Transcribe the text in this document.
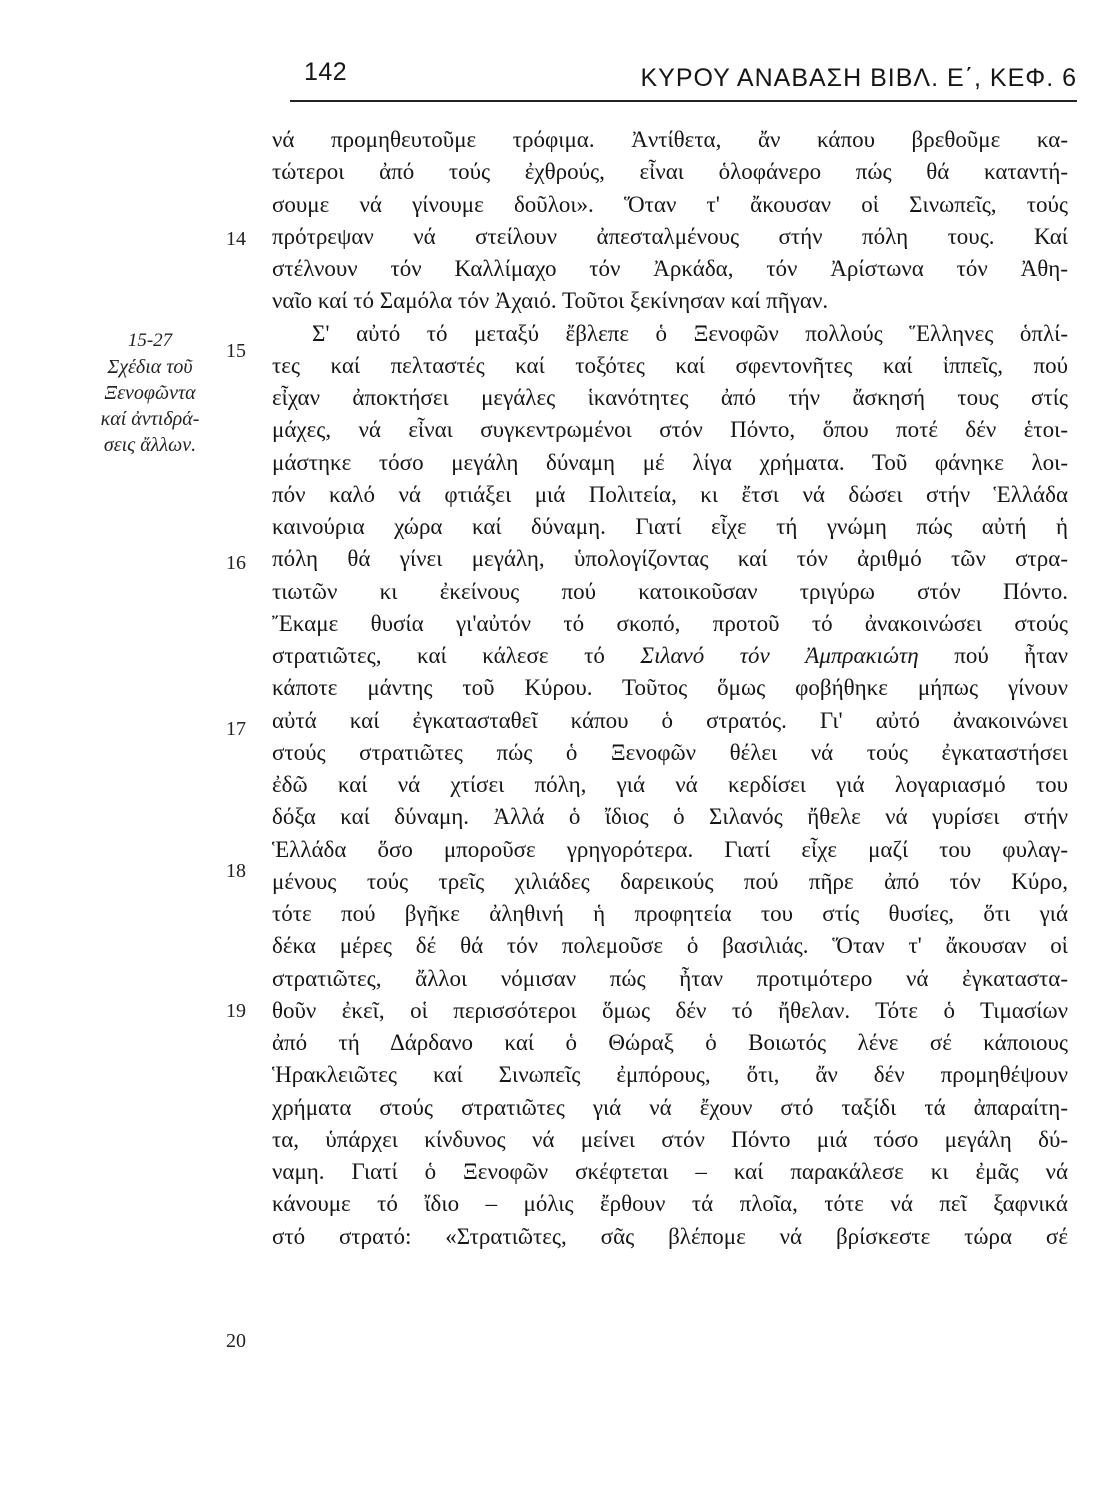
142	ΚΥΡΟΥ ΑΝΑΒΑΣΗ ΒΙΒΛ. Ε΄, ΚΕΦ. 6
15-27
Σχέδια τοῦ
Ξενοφῶντα
καί ἀντιδρά-
σεις ἄλλων.
14
15
16
17
18
19
20
νά προμηθευτοῦμε τρόφιμα. Ἀντίθετα, ἄν κάπου βρεθοῦμε κα-
τώτεροι ἀπό τούς ἐχθρούς, εἶναι ὁλοφάνερο πώς θά καταντή-
σουμε νά γίνουμε δοῦλοι». Ὅταν τ' ἄκουσαν οἱ Σινωπεῖς, τούς
πρότρεψαν νά στείλουν ἀπεσταλμένους στήν πόλη τους. Καί
στέλνουν τόν Καλλίμαχο τόν Ἀρκάδα, τόν Ἀρίστωνα τόν Ἀθη-
ναῖο καί τό Σαμόλα τόν Ἀχαιό. Τοῦτοι ξεκίνησαν καί πῆγαν.
Σ' αὐτό τό μεταξύ ἔβλεπε ὁ Ξενοφῶν πολλούς Ἕλληνες ὁπλί-
τες καί πελταστές καί τοξότες καί σφεντονῆτες καί ἱππεῖς, πού
εἶχαν ἀποκτήσει μεγάλες ἱκανότητες ἀπό τήν ἄσκησή τους στίς
μάχες, νά εἶναι συγκεντρωμένοι στόν Πόντο, ὅπου ποτέ δέν ἑτοι-
μάστηκε τόσο μεγάλη δύναμη μέ λίγα χρήματα. Τοῦ φάνηκε λοι-
πόν καλό νά φτιάξει μιά Πολιτεία, κι ἔτσι νά δώσει στήν Ἑλλάδα
καινούρια χώρα καί δύναμη. Γιατί εἶχε τή γνώμη πώς αὐτή ἡ
πόλη θά γίνει μεγάλη, ὑπολογίζοντας καί τόν ἀριθμό τῶν στρα-
τιωτῶν κι ἐκείνους πού κατοικοῦσαν τριγύρω στόν Πόντο.
Ἔκαμε θυσία γι'αὐτόν τό σκοπό, προτοῦ τό ἀνακοινώσει στούς
στρατιῶτες, καί κάλεσε τό Σιλανό τόν Ἀμπρακιώτη πού ἦταν
κάποτε μάντης τοῦ Κύρου. Τοῦτος ὅμως φοβήθηκε μήπως γίνουν
αὐτά καί ἐγκατασταθεῖ κάπου ὁ στρατός. Γι' αὐτό ἀνακοινώνει
στούς στρατιῶτες πώς ὁ Ξενοφῶν θέλει νά τούς ἐγκαταστήσει
ἐδῶ καί νά χτίσει πόλη, γιά νά κερδίσει γιά λογαριασμό του
δόξα καί δύναμη. Ἀλλά ὁ ἴδιος ὁ Σιλανός ἤθελε νά γυρίσει στήν
Ἑλλάδα ὅσο μποροῦσε γρηγορότερα. Γιατί εἶχε μαζί του φυλαγ-
μένους τούς τρεῖς χιλιάδες δαρεικούς πού πῆρε ἀπό τόν Κύρο,
τότε πού βγῆκε ἀληθινή ἡ προφητεία του στίς θυσίες, ὅτι γιά
δέκα μέρες δέ θά τόν πολεμοῦσε ὁ βασιλιάς. Ὅταν τ' ἄκουσαν οἱ
στρατιῶτες, ἄλλοι νόμισαν πώς ἦταν προτιμότερο νά ἐγκαταστα-
θοῦν ἐκεῖ, οἱ περισσότεροι ὅμως δέν τό ἤθελαν. Τότε ὁ Τιμασίων
ἀπό τή Δάρδανο καί ὁ Θώραξ ὁ Βοιωτός λένε σέ κάποιους
Ἡρακλειῶτες καί Σινωπεῖς ἐμπόρους, ὅτι, ἄν δέν προμηθέψουν
χρήματα στούς στρατιῶτες γιά νά ἔχουν στό ταξίδι τά ἀπαραίτη-
τα, ὑπάρχει κίνδυνος νά μείνει στόν Πόντο μιά τόσο μεγάλη δύ-
ναμη. Γιατί ὁ Ξενοφῶν σκέφτεται – καί παρακάλεσε κι ἐμᾶς νά
κάνουμε τό ἴδιο – μόλις ἔρθουν τά πλοῖα, τότε νά πεῖ ξαφνικά
στό στρατό: «Στρατιῶτες, σᾶς βλέπομε νά βρίσκεστε τώρα σέ
